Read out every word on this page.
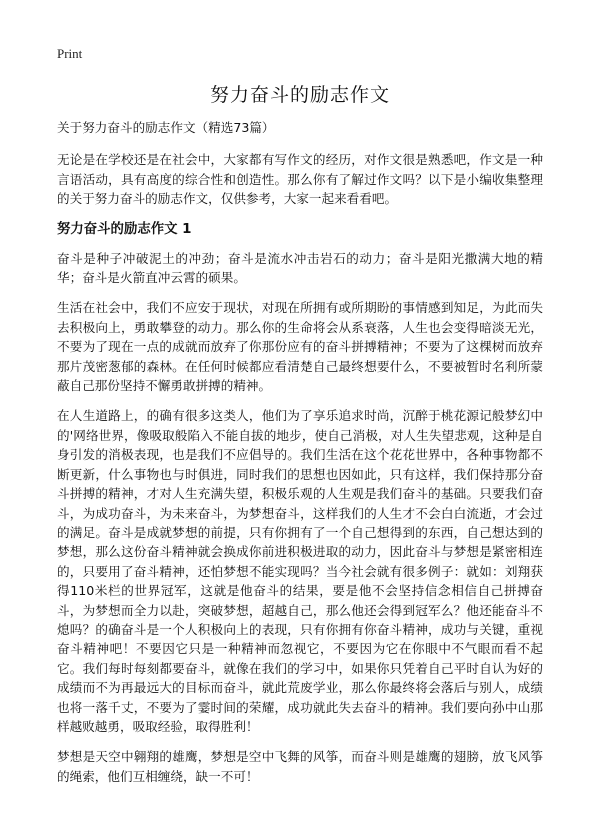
Print
努力奋斗的励志作文

关于努力奋斗的励志作文（精选73篇）

无论是在学校还是在社会中，大家都有写作文的经历，对作文很是熟悉吧，作文是一种言语活动，具有高度的综合性和创造性。那么你有了解过作文吗？以下是小编收集整理的关于努力奋斗的励志作文，仅供参考，大家一起来看看吧。

努力奋斗的励志作文 1

奋斗是种子冲破泥土的冲劲；奋斗是流水冲击岩石的动力；奋斗是阳光撒满大地的精华；奋斗是火箭直冲云霄的硕果。

生活在社会中，我们不应安于现状，对现在所拥有或所期盼的事情感到知足，为此而失去积极向上，勇敢攀登的动力。那么你的生命将会从系衰落，人生也会变得暗淡无光，不要为了现在一点的成就而放弃了你那份应有的奋斗拼搏精神；不要为了这棵树而放弃那片茂密葱郁的森林。在任何时候都应看清楚自己最终想要什么，不要被暂时名利所蒙蔽自己那份坚持不懈勇敢拼搏的精神。

在人生道路上，的确有很多这类人，他们为了享乐追求时尚，沉醉于桃花源记般梦幻中的'网络世界，像吸取般陷入不能自拔的地步，使自己消极，对人生失望悲观，这种是自身引发的消极表现，也是我们不应倡导的。我们生活在这个花花世界中，各种事物都不断更新，什么事物也与时俱进，同时我们的思想也因如此，只有这样，我们保持那分奋斗拼搏的精神，才对人生充满失望，积极乐观的人生观是我们奋斗的基础。只要我们奋斗，为成功奋斗，为未来奋斗，为梦想奋斗，这样我们的人生才不会白白流逝，才会过的满足。奋斗是成就梦想的前提，只有你拥有了一个自己想得到的东西，自己想达到的梦想，那么这份奋斗精神就会换成你前进积极进取的动力，因此奋斗与梦想是紧密相连的，只要用了奋斗精神，还怕梦想不能实现吗？当今社会就有很多例子：就如：刘翔获得110米栏的世界冠军，这就是他奋斗的结果，要是他不会坚持信念相信自己拼搏奋斗，为梦想而全力以赴，突破梦想，超越自己，那么他还会得到冠军么？他还能奋斗不熄吗？的确奋斗是一个人积极向上的表现，只有你拥有你奋斗精神，成功与关键，重视奋斗精神吧！不要因它只是一种精神而忽视它，不要因为它在你眼中不气眼而看不起它。我们每时每刻都要奋斗，就像在我们的学习中，如果你只凭着自己平时自认为好的成绩而不为再最远大的目标而奋斗，就此荒废学业，那么你最终将会落后与别人，成绩也将一落千丈，不要为了霎时间的荣耀，成功就此失去奋斗的精神。我们要向孙中山那样越败越勇，吸取经验，取得胜利！

梦想是天空中翱翔的雄鹰，梦想是空中飞舞的风筝，而奋斗则是雄鹰的翅膀，放飞风筝的绳索，他们互相缠绕，缺一不可！
